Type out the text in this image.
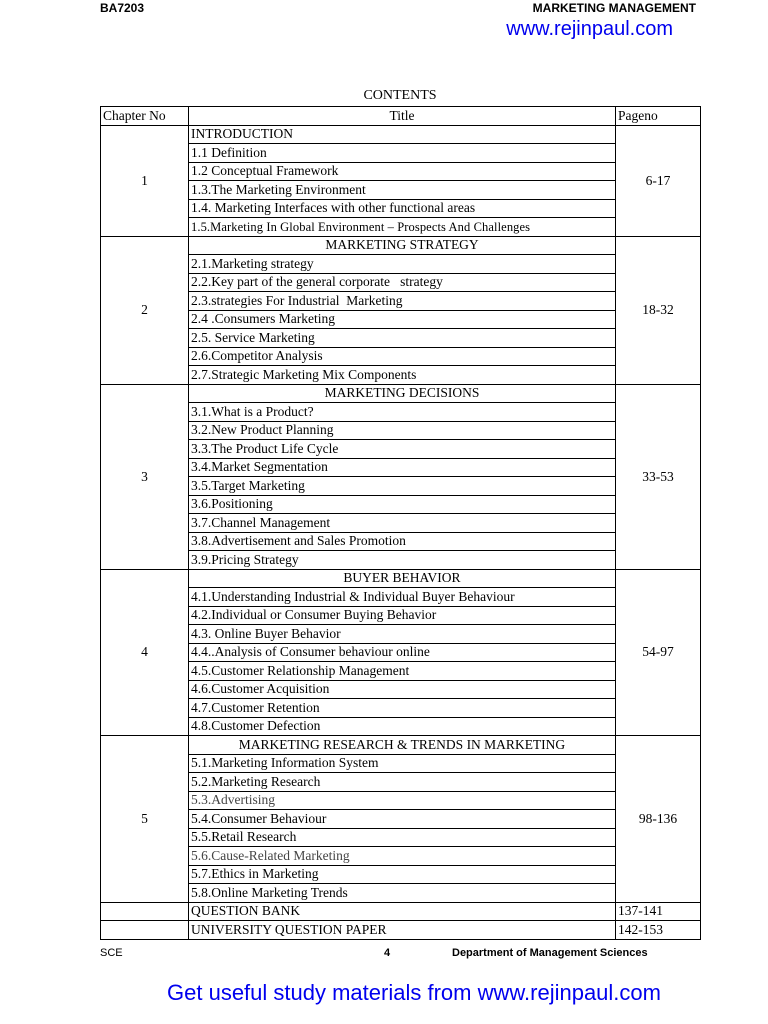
BA7203	MARKETING MANAGEMENT
www.rejinpaul.com
CONTENTS
Chapter No	Title	Pageno
1	INTRODUCTION	6-17
	1.1 Definition	
	1.2 Conceptual Framework	
	1.3.The Marketing Environment	
	1.4. Marketing Interfaces with other functional areas	
	1.5.Marketing In Global Environment – Prospects And Challenges	
2	MARKETING STRATEGY	18-32
	2.1.Marketing strategy	
	2.2.Key part of the general corporate   strategy	
	2.3.strategies For Industrial  Marketing	
	2.4 .Consumers Marketing	
	2.5. Service Marketing	
	2.6.Competitor Analysis	
	2.7.Strategic Marketing Mix Components	
3	MARKETING DECISIONS	33-53
	3.1.What is a Product?	
	3.2.New Product Planning	
	3.3.The Product Life Cycle	
	3.4.Market Segmentation	
	3.5.Target Marketing	
	3.6.Positioning	
	3.7.Channel Management	
	3.8.Advertisement and Sales Promotion	
	3.9.Pricing Strategy	
4	BUYER BEHAVIOR	54-97
	4.1.Understanding Industrial & Individual Buyer Behaviour	
	4.2.Individual or Consumer Buying Behavior	
	4.3. Online Buyer Behavior	
	4.4..Analysis of Consumer behaviour online	
	4.5.Customer Relationship Management	
	4.6.Customer Acquisition	
	4.7.Customer Retention	
	4.8.Customer Defection	
5	MARKETING RESEARCH & TRENDS IN MARKETING	98-136
	5.1.Marketing Information System	
	5.2.Marketing Research	
	5.3.Advertising	
	5.4.Consumer Behaviour	
	5.5.Retail Research	
	5.6.Cause-Related Marketing	
	5.7.Ethics in Marketing	
	5.8.Online Marketing Trends	
	QUESTION BANK	137-141
	UNIVERSITY QUESTION PAPER	142-153
SCE	4	Department of Management Sciences
Get useful study materials from www.rejinpaul.com
